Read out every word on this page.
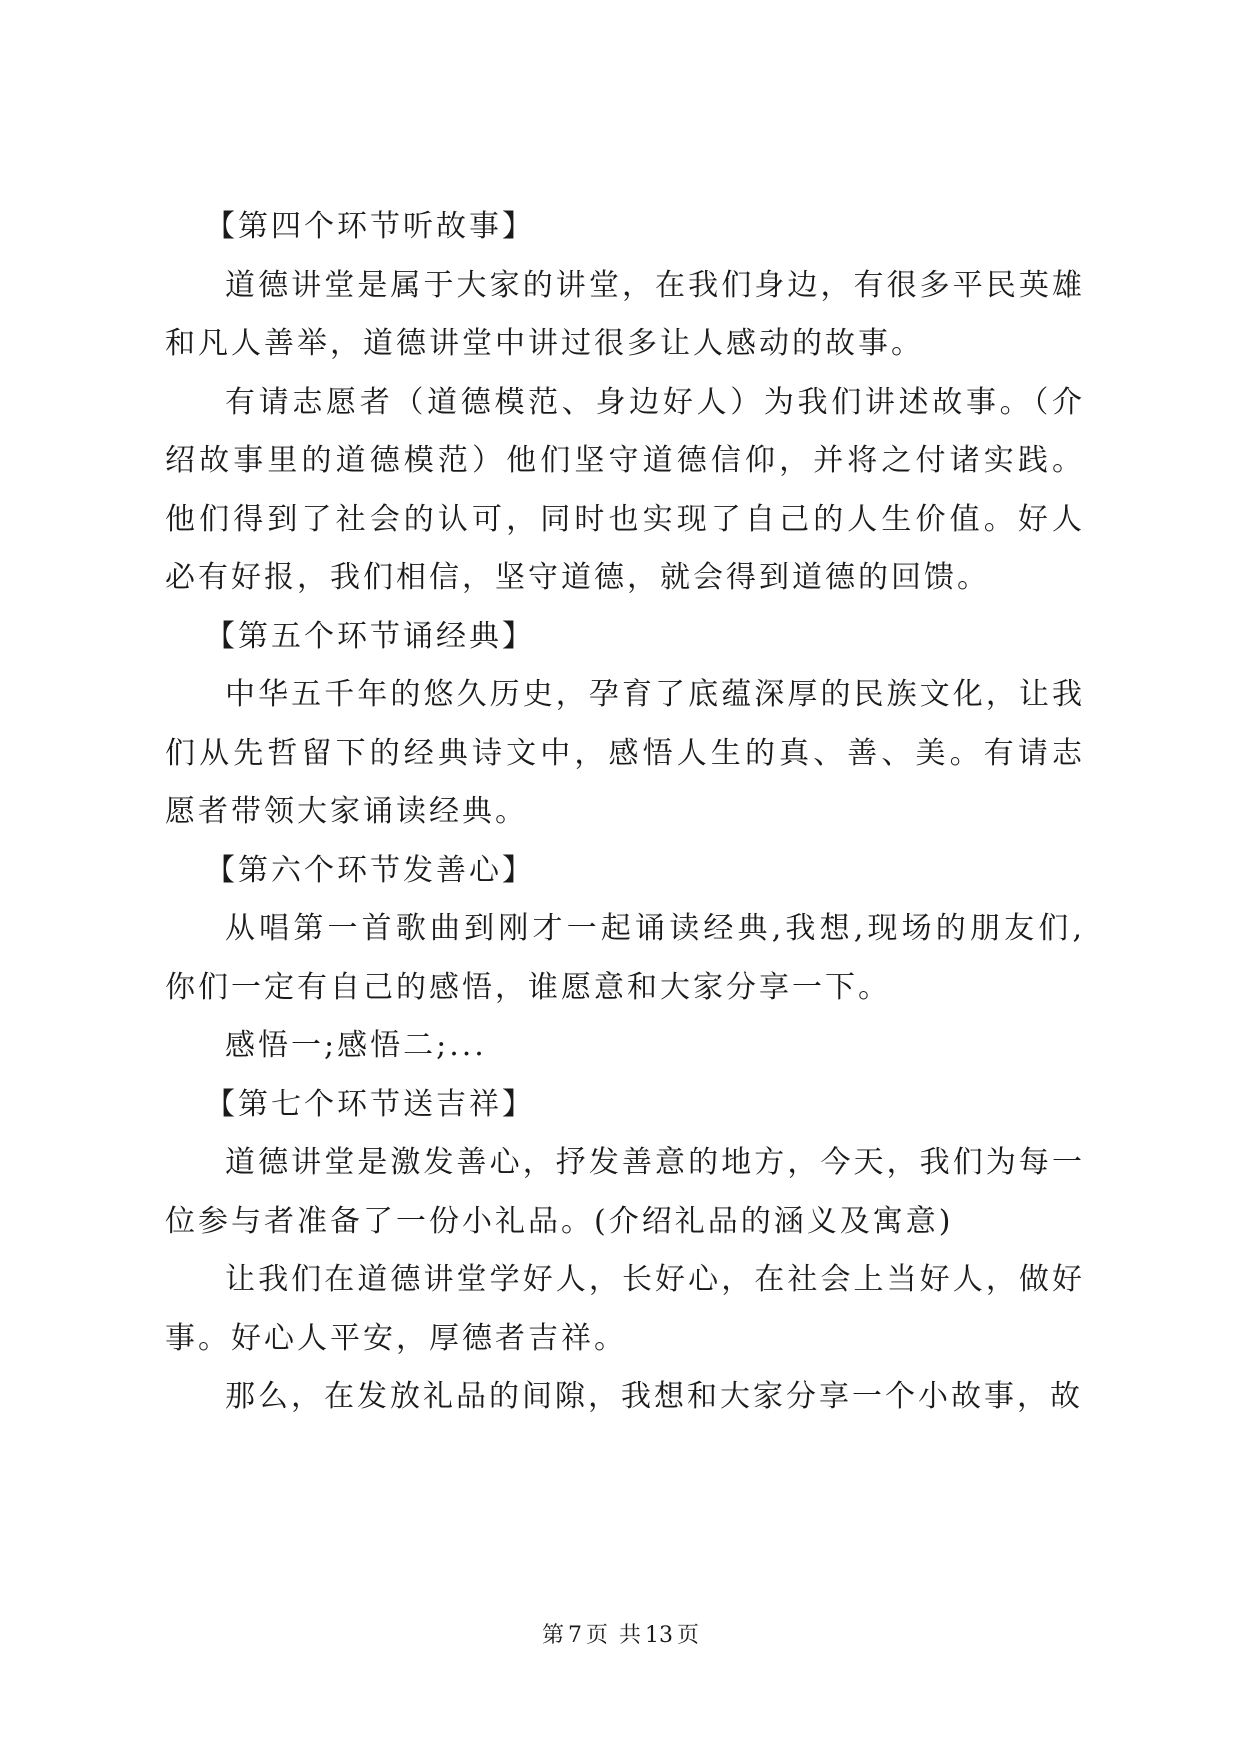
【第四个环节听故事】

道德讲堂是属于大家的讲堂，在我们身边，有很多平民英雄和凡人善举，道德讲堂中讲过很多让人感动的故事。

有请志愿者（道德模范、身边好人）为我们讲述故事。（介绍故事里的道德模范）他们坚守道德信仰，并将之付诸实践。他们得到了社会的认可，同时也实现了自己的人生价值。好人必有好报，我们相信，坚守道德，就会得到道德的回馈。

【第五个环节诵经典】

中华五千年的悠久历史，孕育了底蕴深厚的民族文化，让我们从先哲留下的经典诗文中，感悟人生的真、善、美。有请志愿者带领大家诵读经典。

【第六个环节发善心】

从唱第一首歌曲到刚才一起诵读经典,我想,现场的朋友们,你们一定有自己的感悟，谁愿意和大家分享一下。

感悟一;感悟二;...

【第七个环节送吉祥】

道德讲堂是激发善心，抒发善意的地方，今天，我们为每一位参与者准备了一份小礼品。(介绍礼品的涵义及寓意)

让我们在道德讲堂学好人，长好心，在社会上当好人，做好事。好心人平安，厚德者吉祥。

那么，在发放礼品的间隙，我想和大家分享一个小故事，故

第 7 页 共 13 页
